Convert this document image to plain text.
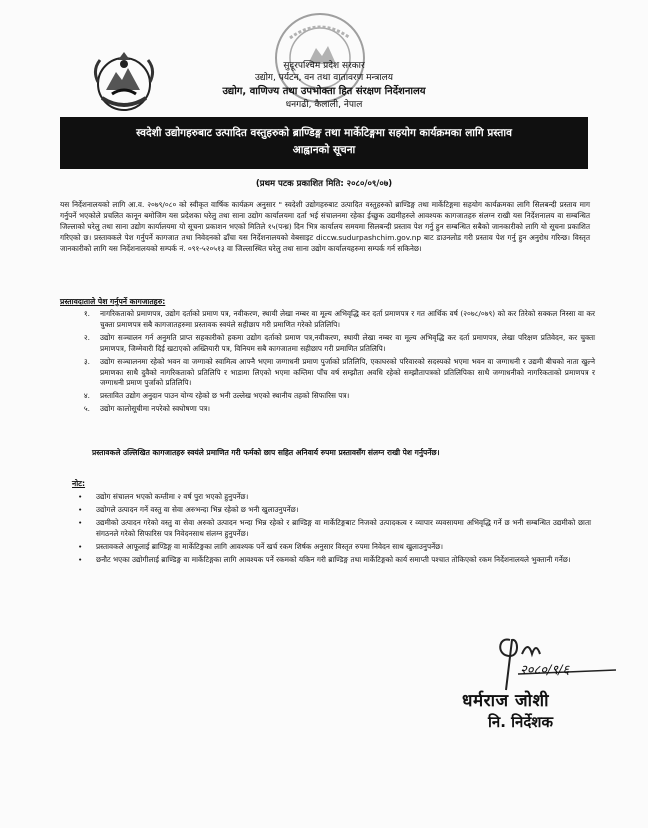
सुदूरपश्चिम प्रदेश सरकार
उद्योग, पर्यटन, वन तथा वातावरण मन्त्रालय
उद्योग, वाणिज्य तथा उपभोक्ता हित संरक्षण निर्देशनालय
धनगढी, कैलाली, नेपाल
स्वदेशी उद्योगहरुबाट उत्पादित वस्तुहरुको ब्राण्डिङ्ग तथा मार्केटिङ्गमा सहयोग कार्यक्रमका लागि प्रस्ताव
आह्वानको सूचना
(प्रथम पटक प्रकाशित मिति: २०८०/०९/०७)

यस निर्देशनालयको लागि आ.व. २०७९/०८० को स्वीकृत वार्षिक कार्यक्रम अनुसार " स्वदेशी उद्योगहरुबाट उत्पादित वस्तुहरुको ब्राण्डिङ्ग तथा मार्केटिङ्गमा सहयोग कार्यक्रमका लागि सिलबन्दी प्रस्ताव माग गर्नुपर्ने भएकोले प्रचलित कानून बमोजिम यस प्रदेशका घरेलु तथा साना उद्योग कार्यालयमा दर्ता भई संचालनमा रहेका ईच्छुक उद्यमीहरुले आवश्यक कागजातहरु संलग्न राखी यस निर्देशनालय वा सम्बन्धित जिल्लाको घरेलु तथा साना उद्योग कार्यालयमा यो सूचना प्रकाशन भएको मितिले १५(पन्ध्र) दिन भित्र कार्यालय समयमा सिलबन्दी प्रस्ताव पेश गर्नु हुन सम्बन्धित सबैको जानकारीको लागि यो सूचना प्रकाशित गरिएको छ। प्रस्तावकले पेश गर्नुपर्ने कागजात तथा निवेदनको ढाँचा यस निर्देशनालयको वेबसाइट diccw.sudurpashchim.gov.np बाट डाउनलोड गरी प्रस्ताव पेश गर्नु हुन अनुरोध गरिन्छ। विस्तृत जानकारीको लागि यस निर्देशनालयको सम्पर्क नं. ०९१-५२०५१३ वा जिल्लास्थित घरेलु तथा साना उद्योग कार्यालयहरुमा सम्पर्क गर्न सकिनेछ।

प्रस्तावदाताले पेश गर्नुपर्ने कागजातहरु:
१.	नागरिकताको प्रमाणपत्र, उद्योग दर्ताको प्रमाण पत्र, नवीकरण, स्थायी लेखा नम्बर वा मूल्य अभिवृद्धि कर दर्ता प्रमाणपत्र र गत आर्थिक वर्ष (२०७८/०७९) को कर तिरेको सक्कल निस्सा वा कर चुक्ता प्रमाणपत्र सबै कागजातहरुमा प्रस्तावक स्वयंले सहीछाप गरी प्रमाणित गरेको प्रतिलिपि।
२.	उद्योग सञ्चालन गर्न अनुमति प्राप्त सहकारीको हकमा उद्योग दर्ताको प्रमाण पत्र,नवीकरण, स्थायी लेखा नम्बर वा मूल्य अभिवृद्धि कर दर्ता प्रमाणपत्र, लेखा परिक्षण प्रतिवेदन, कर चुक्ता प्रमाणपत्र, जिम्मेवारी दिई खटाएको अख्तियारी पत्र, विनियम सबै कागजातमा सहीछाप गरी प्रमाणित प्रतिलिपि।
३.	उद्योग सञ्चालनमा रहेको भवन वा जग्गाको स्वामित्व आफ्नै भएमा जग्गाधनी प्रमाण पुर्जाको प्रतिलिपि, एकाघरको परिवारको सदस्यको भएमा भवन वा जग्गाधनी र उद्यमी बीचको नाता खुल्ने प्रमाणका साथै दुवैको नागरिकताको प्रतिलिपि र भाडामा लिएको भएमा कम्तिमा पाँच वर्ष सम्झौता अवधि रहेको सम्झौतापत्रको प्रतिलिपिका साथै जग्गाधनीको नागरिकताको प्रमाणपत्र र जग्गाधनी प्रमाण पुर्जाको प्रतिलिपि।
४.	प्रस्तावित उद्योग अनुदान पाउन योग्य रहेको छ भनी उल्लेख भएको स्थानीय तहको सिफारिस पत्र।
५.	उद्योग कालोसूचीमा नपरेको स्वघोषणा पत्र।

प्रस्तावकले उल्लिखित कागजातहरु स्वयंले प्रमाणित गरी फर्मको छाप सहित अनिवार्य रुपमा प्रस्तावसँग संलग्न राखी पेश गर्नुपर्नेछ।

नोट:
•	उद्योग संचालन भएको कम्तीमा २ वर्ष पुरा भएको हुनुपर्नेछ।
•	उद्योगले उत्पादन गर्ने वस्तु वा सेवा अरुभन्दा भिन्न रहेको छ भनी खुलाउनुपर्नेछ।
•	उद्यमीको उत्पादन गरेको वस्तु वा सेवा अरुको उत्पादन भन्दा भिन्न रहेको र ब्राण्डिङ्ग वा मार्केटिङ्गबाट निजको उत्पादकत्व र व्यापार व्यवसायमा अभिवृद्धि गर्ने छ भनी सम्बन्धित उद्यमीको छाता संगठनले गरेको सिफारिस पत्र निवेदनसाथ संलग्न हुनुपर्नेछ।
•	प्रस्तावकले आफूलाई ब्राण्डिङ्ग वा मार्केटिङ्गका लागि आवश्यक पर्ने खर्च रकम शिर्षक अनुसार विस्तृत रुपमा निवेदन साथ खुलाउनुपर्नेछ।
•	छनौट भएका उद्योगीलाई ब्राण्डिङ्ग वा मार्केटिङ्गका लागि आवश्यक पर्ने रकमको यकिन गरी ब्राण्डिङ्ग तथा मार्केटिङ्गको कार्य समाप्ती पश्चात तोकिएको रकम निर्देशनालयले भुक्तानी गर्नेछ।
२०८०/९/६
धर्मराज जोशी
नि. निर्देशक
